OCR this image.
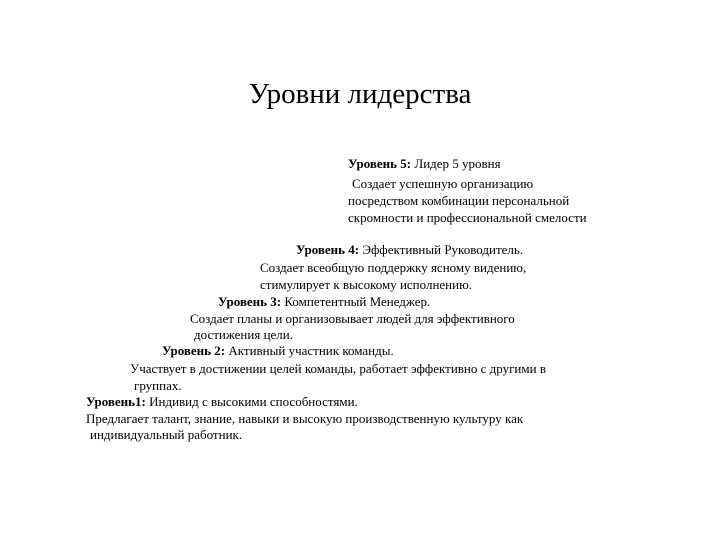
Уровни лидерства
Уровень 5: Лидер 5 уровня
Создает успешную организацию
посредством комбинации персональной
скромности и профессиональной смелости
Уровень 4: Эффективный Руководитель.
Создает всеобщую поддержку ясному видению,
стимулирует к высокому исполнению.
Уровень 3: Компетентный Менеджер.
Создает планы и организовывает людей для эффективного
достижения цели.
Уровень 2: Активный участник команды.
Участвует в достижении целей команды, работает эффективно с другими в
группах.
Уровень1: Индивид с высокими способностями.
Предлагает талант, знание, навыки и высокую производственную культуру как
индивидуальный работник.
